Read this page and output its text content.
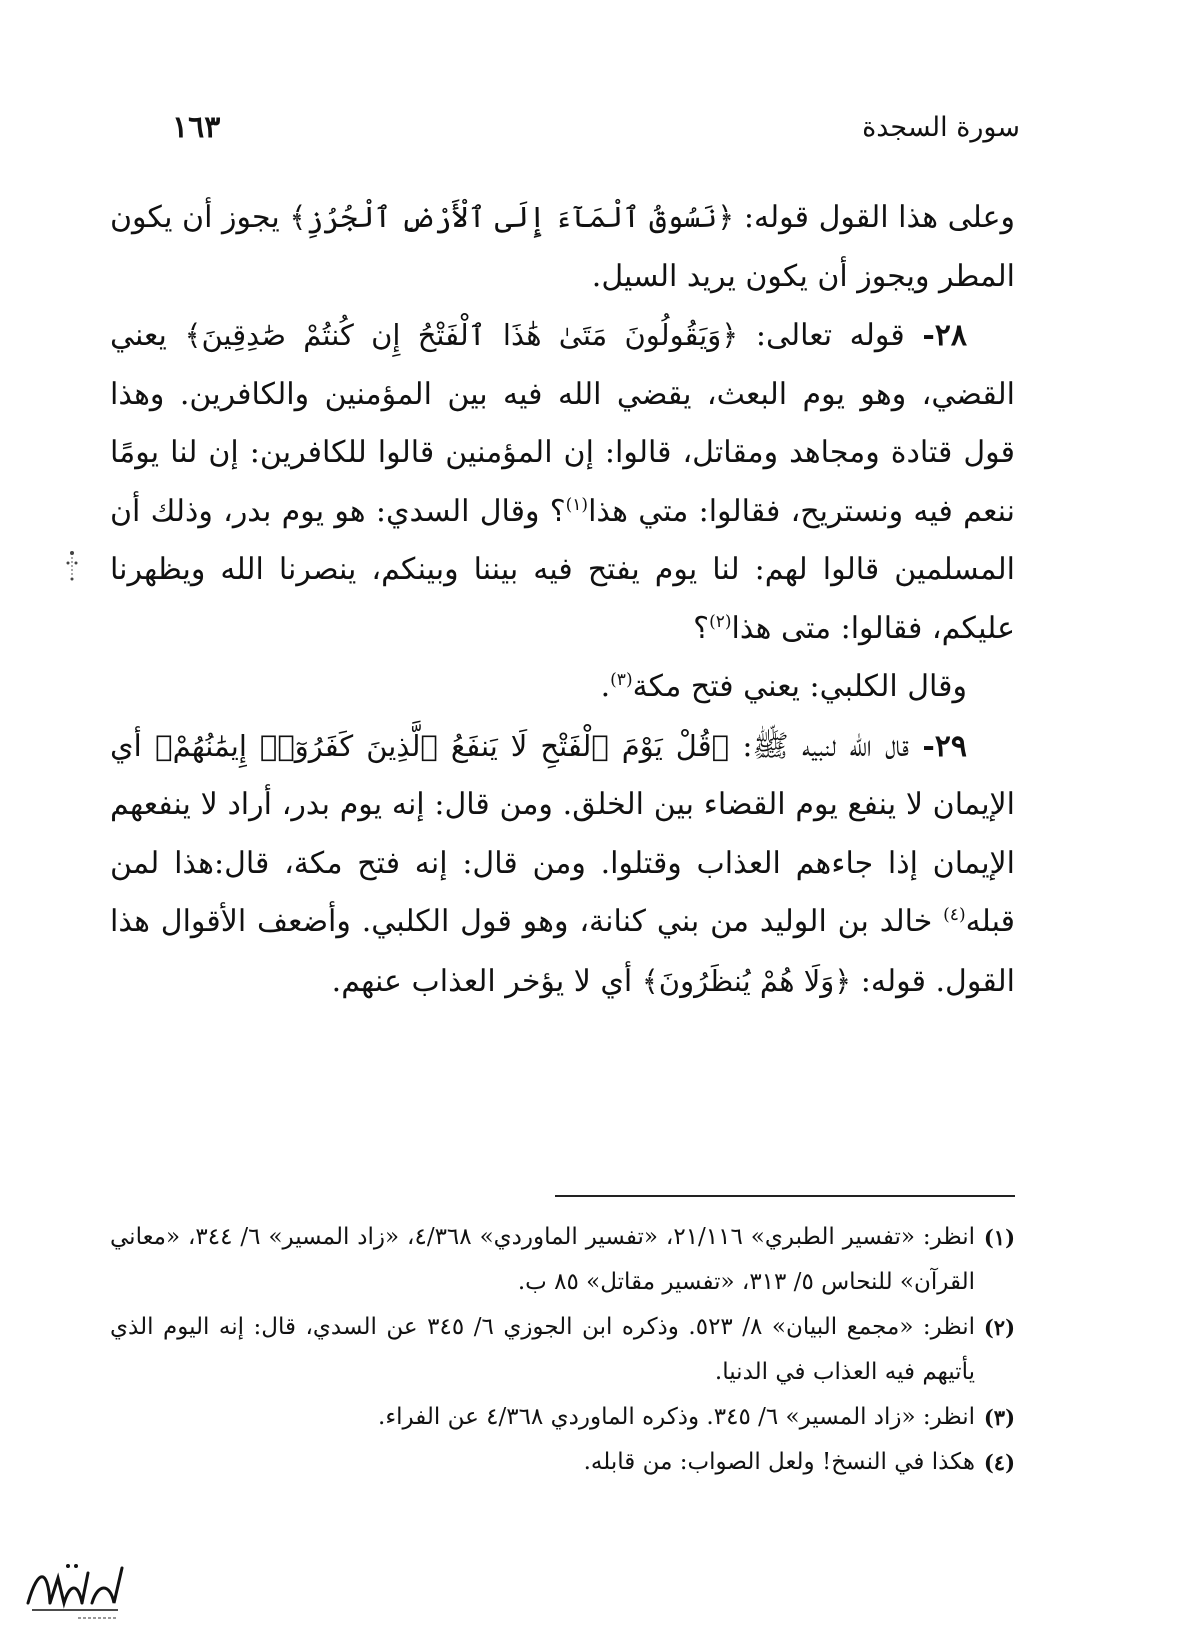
سورة السجدة
١٦٣

وعلى هذا القول قوله: ﴿نَسُوقُ ٱلْمَآءَ إِلَى ٱلْأَرْضِ ٱلْجُرُزِ﴾ يجوز أن يكون المطر ويجوز أن يكون يريد السيل.

٢٨- قوله تعالى: ﴿وَيَقُولُونَ مَتَىٰ هَٰذَا ٱلْفَتْحُ إِن كُنتُمْ صَٰدِقِينَ﴾ يعني القضي، وهو يوم البعث، يقضي الله فيه بين المؤمنين والكافرين. وهذا قول قتادة ومجاهد ومقاتل، قالوا: إن المؤمنين قالوا للكافرين: إن لنا يومًا ننعم فيه ونستريح، فقالوا: متي هذا$^{(١)}$؟ وقال السدي: هو يوم بدر، وذلك أن المسلمين قالوا لهم: لنا يوم يفتح فيه بيننا وبينكم، ينصرنا الله ويظهرنا عليكم، فقالوا: متى هذا$^{(٢)}$؟

وقال الكلبي: يعني فتح مكة$^{(٣)}$.

٢٩- قال الله لنبيه ﷺ: ﴿قُلْ يَوْمَ ٱلْفَتْحِ لَا يَنفَعُ ٱلَّذِينَ كَفَرُوٓا۟ إِيمَٰنُهُمْ﴾ أي الإيمان لا ينفع يوم القضاء بين الخلق. ومن قال: إنه يوم بدر، أراد لا ينفعهم الإيمان إذا جاءهم العذاب وقتلوا. ومن قال: إنه فتح مكة، قال:هذا لمن قبله$^{(٤)}$ خالد بن الوليد من بني كنانة، وهو قول الكلبي. وأضعف الأقوال هذا القول. قوله: ﴿وَلَا هُمْ يُنظَرُونَ﴾ أي لا يؤخر العذاب عنهم.

(١)
انظر: «تفسير الطبري» ٢١/١١٦، «تفسير الماوردي» ٤/٣٦٨، «زاد المسير» ٦/ ٣٤٤، «معاني القرآن» للنحاس ٥/ ٣١٣، «تفسير مقاتل» ٨٥ ب.
(٢)
انظر: «مجمع البيان» ٨/ ٥٢٣. وذكره ابن الجوزي ٦/ ٣٤٥ عن السدي، قال: إنه اليوم الذي يأتيهم فيه العذاب في الدنيا.
(٣)
انظر: «زاد المسير» ٦/ ٣٤٥. وذكره الماوردي ٤/٣٦٨ عن الفراء.
(٤)
هكذا في النسخ! ولعل الصواب: من قابله.
